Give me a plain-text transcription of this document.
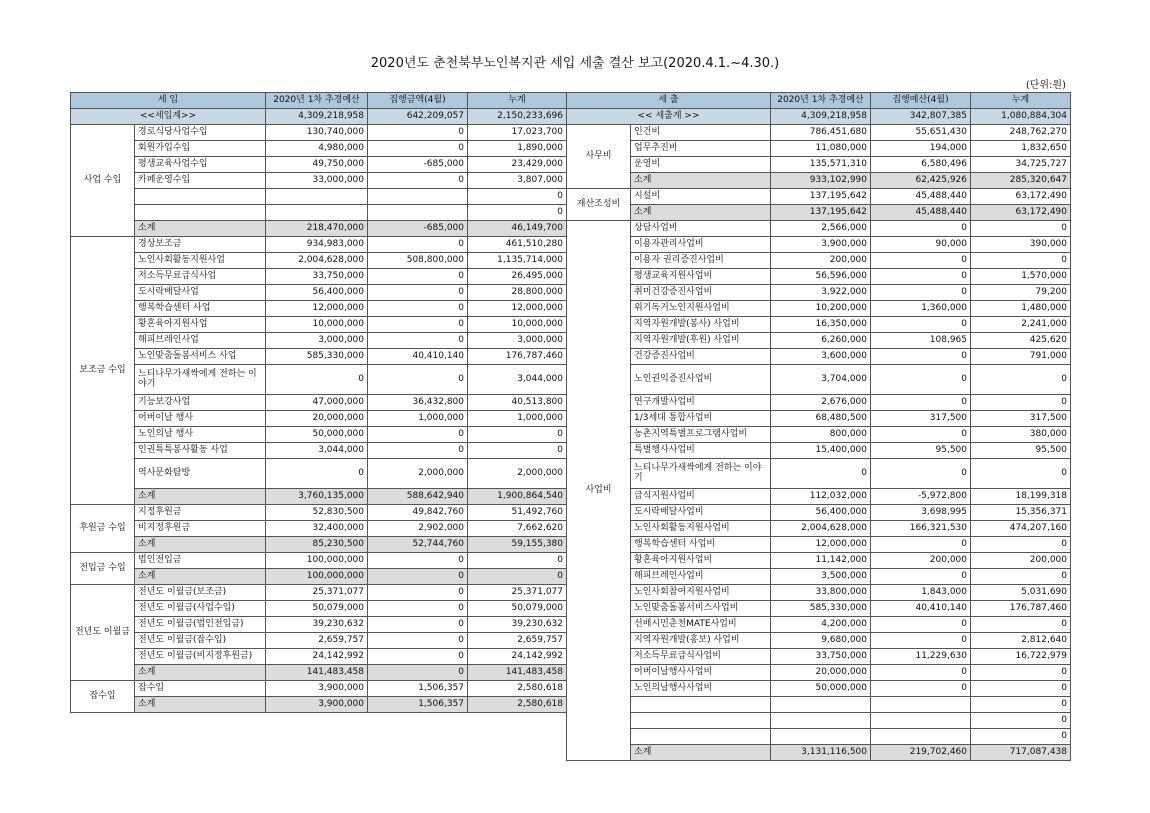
2020년도 춘천북부노인복지관 세입 세출 결산 보고(2020.4.1.~4.30.)
(단위:원)
세 입		2020년 1차 추경예산	집행금액(4월)	누계
<<세입계>>		4,309,218,958	642,209,057	2,150,233,696
사업 수입	경로식당사업수입	130,740,000	0	17,023,700
	회원가입수입	4,980,000	0	1,890,000
	평생교육사업수입	49,750,000	-685,000	23,429,000
	카페운영수입	33,000,000	0	3,807,000
				0
				0
	소계	218,470,000	-685,000	46,149,700
보조금 수입	경상보조금	934,983,000	0	461,510,280
	노인사회활동지원사업	2,004,628,000	508,800,000	1,135,714,000
	저소득무료급식사업	33,750,000	0	26,495,000
	도시락배달사업	56,400,000	0	28,800,000
	행복학습센터 사업	12,000,000	0	12,000,000
	황혼육아지원사업	10,000,000	0	10,000,000
	해피브레인사업	3,000,000	0	3,000,000
	노인맞춤돌봄서비스 사업	585,330,000	40,410,140	176,787,460
	느티나무가새싹에게 전하는 이야기	0	0	3,044,000
	기능보강사업	47,000,000	36,432,800	40,513,800
	어버이날 행사	20,000,000	1,000,000	1,000,000
	노인의날 행사	50,000,000	0	0
	인권특특봉사활동 사업	3,044,000	0	0
	역사문화탐방	0	2,000,000	2,000,000
	소계	3,760,135,000	588,642,940	1,900,864,540
후원금 수입	지정후원금	52,830,500	49,842,760	51,492,760
	비지정후원금	32,400,000	2,902,000	7,662,620
	소계	85,230,500	52,744,760	59,155,380
전입금 수입	법인전입금	100,000,000	0	0
	소계	100,000,000	0	0
전년도 이월금	전년도 이월금(보조금)	25,371,077	0	25,371,077
	전년도 이월금(사업수입)	50,079,000	0	50,079,000
	전년도 이월금(법인전입금)	39,230,632	0	39,230,632
	전년도 이월금(잡수입)	2,659,757	0	2,659,757
	전년도 이월금(비지정후원금)	24,142,992	0	24,142,992
	소계	141,483,458	0	141,483,458
잡수입	잡수입	3,900,000	1,506,357	2,580,618
	소계	3,900,000	1,506,357	2,580,618
세 출		2020년 1차 추경예산	집행예산(4월)	누계
<< 세출계 >>		4,309,218,958	342,807,385	1,080,884,304
사무비	인건비	786,451,680	55,651,430	248,762,270
	업무추진비	11,080,000	194,000	1,832,650
	운영비	135,571,310	6,580,496	34,725,727
	소계	933,102,990	62,425,926	285,320,647
재산조성비	시설비	137,195,642	45,488,440	63,172,490
	소계	137,195,642	45,488,440	63,172,490
사업비	상담사업비	2,566,000	0	0
	이용자관리사업비	3,900,000	90,000	390,000
	이용자 권리증진사업비	200,000	0	0
	평생교육지원사업비	56,596,000	0	1,570,000
	취미건강증진사업비	3,922,000	0	79,200
	위기독거노인지원사업비	10,200,000	1,360,000	1,480,000
	지역자원개발(봉사) 사업비	16,350,000	0	2,241,000
	지역자원개발(후원) 사업비	6,260,000	108,965	425,620
	건강증진사업비	3,600,000	0	791,000
	노인권익증진사업비	3,704,000	0	0
	연구개발사업비	2,676,000	0	0
	1/3세대 통합사업비	68,480,500	317,500	317,500
	농촌지역특별프로그램사업비	800,000	0	380,000
	특별행사사업비	15,400,000	95,500	95,500
	느티나무가새싹에게 전하는 이야기	0	0	0
	급식지원사업비	112,032,000	-5,972,800	18,199,318
	도시락배달사업비	56,400,000	3,698,995	15,356,371
	노인사회활동지원사업비	2,004,628,000	166,321,530	474,207,160
	행복학습센터 사업비	12,000,000	0	0
	황혼육아지원사업비	11,142,000	200,000	200,000
	해피브레인사업비	3,500,000	0	0
	노인사회참여지원사업비	33,800,000	1,843,000	5,031,690
	노인맞춤돌봄서비스사업비	585,330,000	40,410,140	176,787,460
	선배시민춘천MATE사업비	4,200,000	0	0
	지역자원개발(홍보) 사업비	9,680,000	0	2,812,640
	저소득무료급식사업비	33,750,000	11,229,630	16,722,979
	어버이날행사사업비	20,000,000	0	0
	노인의날행사사업비	50,000,000	0	0
				0
				0
				0
	소계	3,131,116,500	219,702,460	717,087,438
